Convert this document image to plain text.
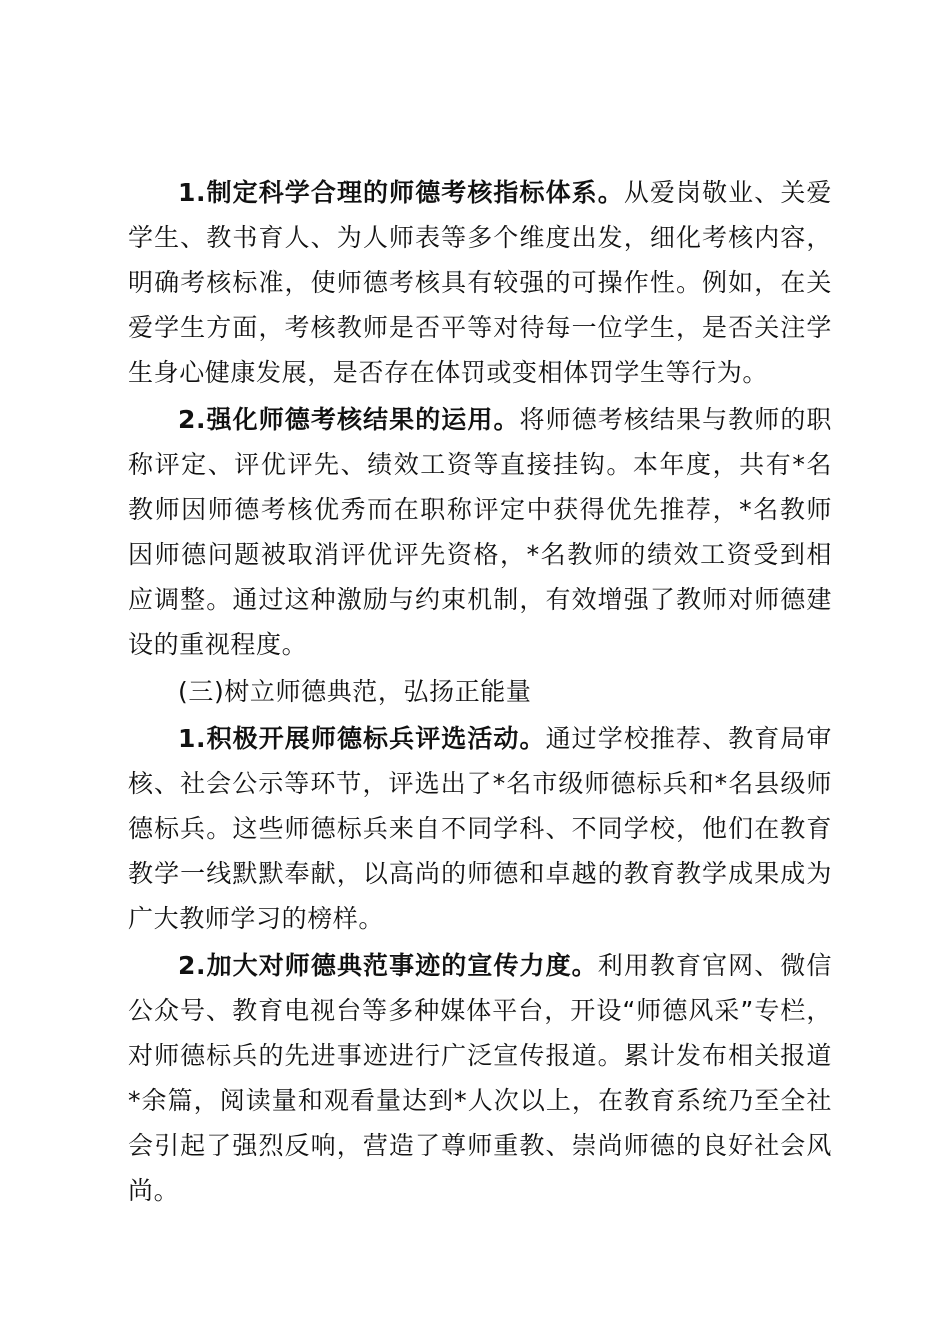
1.制定科学合理的师德考核指标体系。从爱岗敬业、关爱学生、教书育人、为人师表等多个维度出发，细化考核内容，明确考核标准，使师德考核具有较强的可操作性。例如，在关爱学生方面，考核教师是否平等对待每一位学生，是否关注学生身心健康发展，是否存在体罚或变相体罚学生等行为。

2.强化师德考核结果的运用。将师德考核结果与教师的职称评定、评优评先、绩效工资等直接挂钩。本年度，共有*名教师因师德考核优秀而在职称评定中获得优先推荐，*名教师因师德问题被取消评优评先资格，*名教师的绩效工资受到相应调整。通过这种激励与约束机制，有效增强了教师对师德建设的重视程度。

(三)树立师德典范，弘扬正能量

1.积极开展师德标兵评选活动。通过学校推荐、教育局审核、社会公示等环节，评选出了*名市级师德标兵和*名县级师德标兵。这些师德标兵来自不同学科、不同学校，他们在教育教学一线默默奉献，以高尚的师德和卓越的教育教学成果成为广大教师学习的榜样。

2.加大对师德典范事迹的宣传力度。利用教育官网、微信公众号、教育电视台等多种媒体平台，开设“师德风采”专栏，对师德标兵的先进事迹进行广泛宣传报道。累计发布相关报道*余篇，阅读量和观看量达到*人次以上，在教育系统乃至全社会引起了强烈反响，营造了尊师重教、崇尚师德的良好社会风尚。
